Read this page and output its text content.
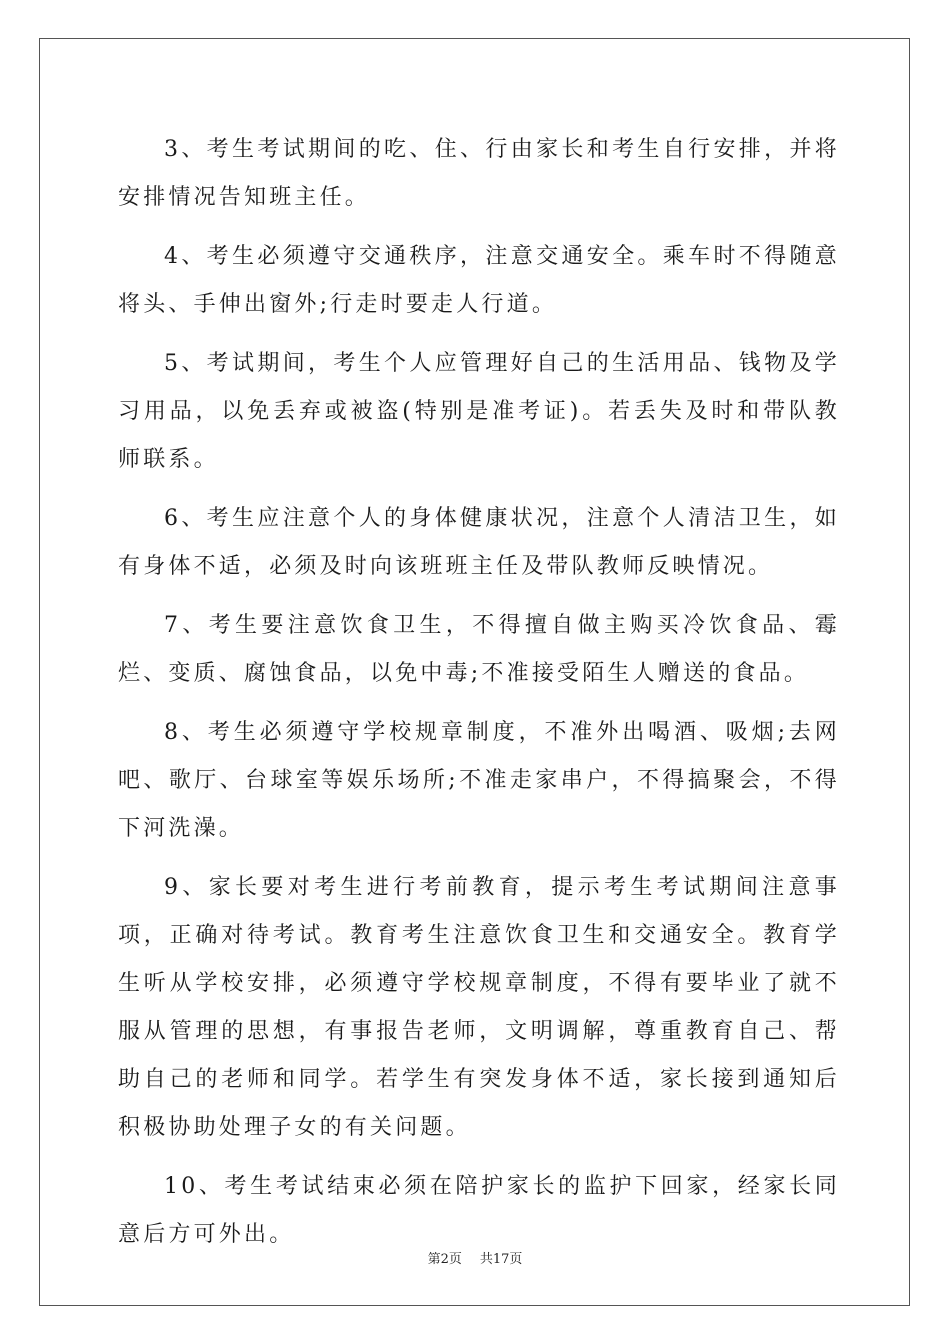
3、考生考试期间的吃、住、行由家长和考生自行安排，并将安排情况告知班主任。

4、考生必须遵守交通秩序，注意交通安全。乘车时不得随意将头、手伸出窗外;行走时要走人行道。

5、考试期间，考生个人应管理好自己的生活用品、钱物及学习用品，以免丢弃或被盗(特别是准考证)。若丢失及时和带队教师联系。

6、考生应注意个人的身体健康状况，注意个人清洁卫生，如有身体不适，必须及时向该班班主任及带队教师反映情况。

7、考生要注意饮食卫生，不得擅自做主购买冷饮食品、霉烂、变质、腐蚀食品，以免中毒;不准接受陌生人赠送的食品。

8、考生必须遵守学校规章制度，不准外出喝酒、吸烟;去网吧、歌厅、台球室等娱乐场所;不准走家串户，不得搞聚会，不得下河洗澡。

9、家长要对考生进行考前教育，提示考生考试期间注意事项，正确对待考试。教育考生注意饮食卫生和交通安全。教育学生听从学校安排，必须遵守学校规章制度，不得有要毕业了就不服从管理的思想，有事报告老师，文明调解，尊重教育自己、帮助自己的老师和同学。若学生有突发身体不适，家长接到通知后积极协助处理子女的有关问题。

10、考生考试结束必须在陪护家长的监护下回家，经家长同意后方可外出。

第2页 共17页
